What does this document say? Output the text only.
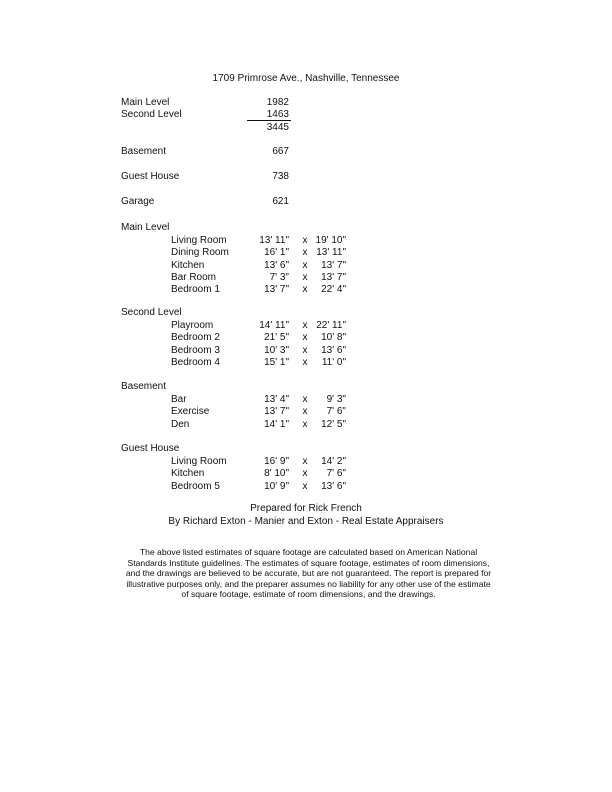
1709 Primrose Ave., Nashville, Tennessee
Main Level	1982
Second Level	1463
3445
Basement	667
Guest House	738
Garage	621
Main Level
Living Room	13' 11" x 19' 10"
Dining Room	16' 1" x 13' 11"
Kitchen	13' 6" x	13' 7"
Bar Room	7' 3" x	13' 7"
Bedroom 1	13' 7" x	22' 4"
Second Level
Playroom	14' 11" x 22' 11"
Bedroom 2	21' 5" x	10' 8"
Bedroom 3	10' 3" x	13' 6"
Bedroom 4	15' 1" x	11' 0"
Basement
Bar	13' 4" x	9' 3"
Exercise	13' 7" x	7' 6"
Den	14' 1" x	12' 5"
Guest House
Living Room	16' 9" x	14' 2"
Kitchen	8' 10" x	7' 6"
Bedroom 5	10' 9" x	13' 6"
Prepared for Rick French
By Richard Exton - Manier and Exton - Real Estate Appraisers
The above listed estimates of square footage are calculated based on American National Standards Institute guidelines. The estimates of square footage, estimates of room dimensions, and the drawings are believed to be accurate, but are not guaranteed. The report is prepared for illustrative purposes only, and the preparer assumes no liability for any other use of the estimate of square footage, estimate of room dimensions, and the drawings.
